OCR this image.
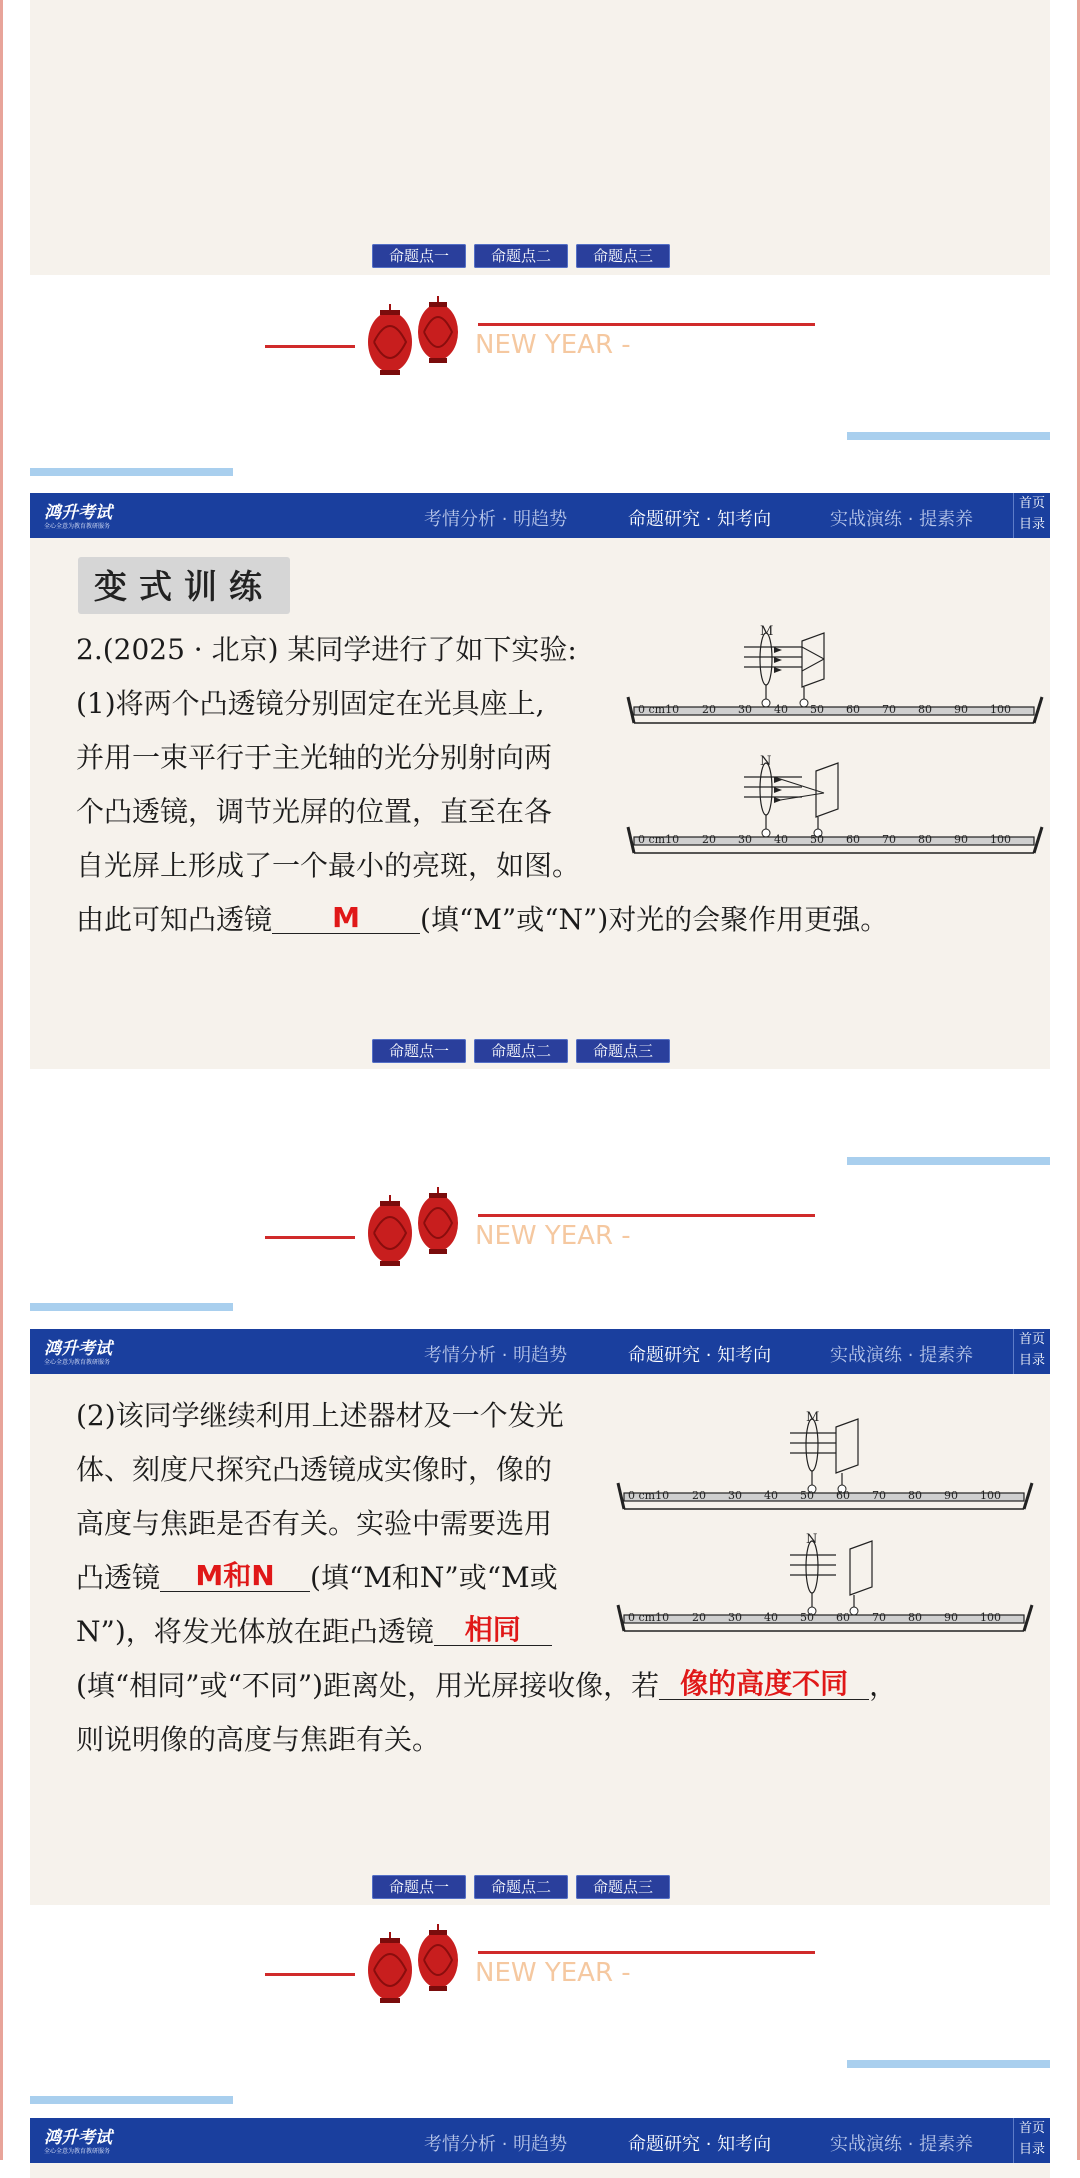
命题点一	命题点二	命题点三
NEW YEAR -
鸿升考试
全心全意为教育教研服务	考情分析 · 明趋势	命题研究 · 知考向	实战演练 · 提素养
首页
目录
变式训练
2.(2025 · 北京) 某同学进行了如下实验:
(1)将两个凸透镜分别固定在光具座上,
并用一束平行于主光轴的光分别射向两
个凸透镜，调节光屏的位置，直至在各
自光屏上形成了一个最小的亮斑，如图。
由此可知凸透镜 M (填“M”或“N”)对光的会聚作用更强。
M
0 cm10 20 30 40 50 60 70 80 90 100
N
0 cm10 20 30 40 50 60 70 80 90 100
命题点一	命题点二	命题点三
NEW YEAR -
鸿升考试
全心全意为教育教研服务	考情分析 · 明趋势	命题研究 · 知考向	实战演练 · 提素养
首页
目录
(2)该同学继续利用上述器材及一个发光
体、刻度尺探究凸透镜成实像时，像的
高度与焦距是否有关。实验中需要选用
凸透镜 M和N (填“M和N”或“M或
N”)，将发光体放在距凸透镜 相同
(填“相同”或“不同”)距离处，用光屏接收像，若 像的高度不同 ，
则说明像的高度与焦距有关。
M
0 cm10 20 30 40 50 60 70 80 90 100
N
0 cm10 20 30 40 50 60 70 80 90 100
命题点一	命题点二	命题点三
NEW YEAR -
鸿升考试
全心全意为教育教研服务	考情分析 · 明趋势	命题研究 · 知考向	实战演练 · 提素养
首页
目录
